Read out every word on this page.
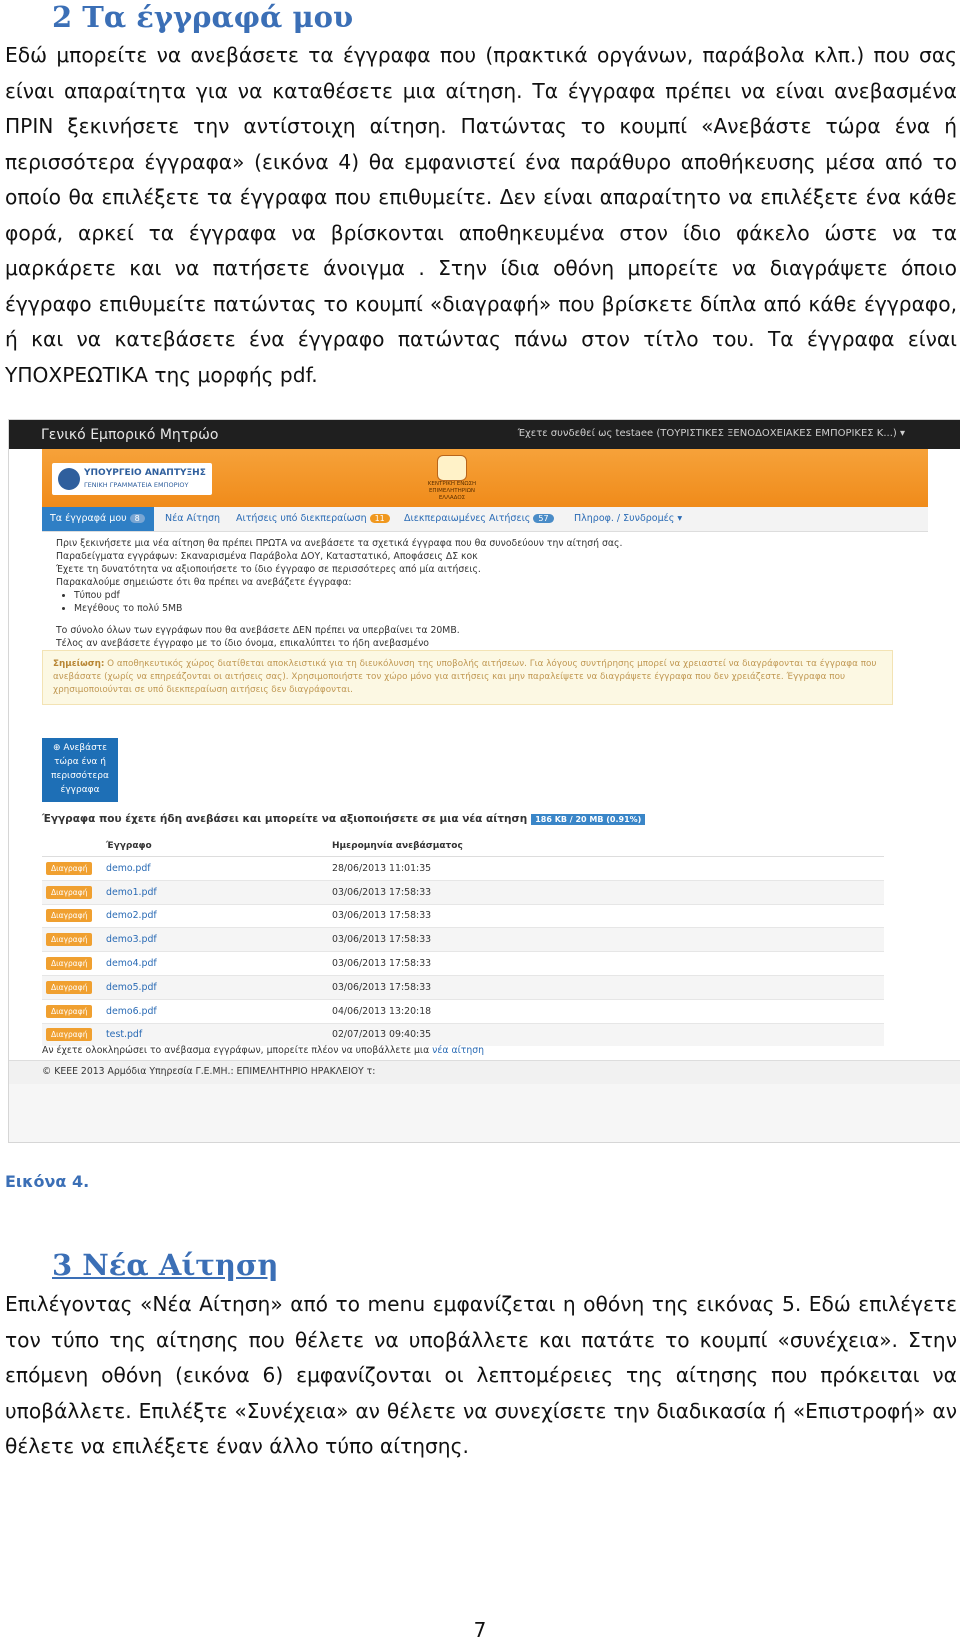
2 Τα έγγραφά μου

Εδώ μπορείτε να ανεβάσετε τα έγγραφα που (πρακτικά οργάνων, παράβολα κλπ.) που σας είναι απαραίτητα για να καταθέσετε μια αίτηση. Τα έγγραφα πρέπει να είναι ανεβασμένα ΠΡΙΝ ξεκινήσετε την αντίστοιχη αίτηση. Πατώντας το κουμπί «Ανεβάστε τώρα ένα ή περισσότερα έγγραφα» (εικόνα 4) θα εμφανιστεί ένα παράθυρο αποθήκευσης μέσα από το οποίο θα επιλέξετε τα έγγραφα που επιθυμείτε. Δεν είναι απαραίτητο να επιλέξετε ένα κάθε φορά, αρκεί τα έγγραφα να βρίσκονται αποθηκευμένα στον ίδιο φάκελο ώστε να τα μαρκάρετε και να πατήσετε άνοιγμα . Στην ίδια οθόνη μπορείτε να διαγράψετε όποιο έγγραφο επιθυμείτε πατώντας το κουμπί «διαγραφή» που βρίσκετε δίπλα από κάθε έγγραφο, ή και να κατεβάσετε ένα έγγραφο πατώντας πάνω στον τίτλο του. Τα έγγραφα είναι ΥΠΟΧΡΕΩΤΙΚΑ της μορφής pdf.

Γενικό Εμπορικό Μητρώο	Έχετε συνδεθεί ως testaee (ΤΟΥΡΙΣΤΙΚΕΣ ΞΕΝΟΔΟΧΕΙΑΚΕΣ ΕΜΠΟΡΙΚΕΣ Κ...) ▾
ΥΠΟΥΡΓΕΙΟ ΑΝΑΠΤΥΞΗΣ
ΓΕΝΙΚΗ ΓΡΑΜΜΑΤΕΙΑ ΕΜΠΟΡΙΟΥ	ΚΕΝΤΡΙΚΗ ΕΝΩΣΗ ΕΠΙΜΕΛΗΤΗΡΙΩΝ ΕΛΛΑΔΟΣ
Τα έγγραφά μου 8	Νέα Αίτηση Αιτήσεις υπό διεκπεραίωση 11	Διεκπεραιωμένες Αιτήσεις 57	Πληροφ. / Συνδρομές ▾

Πριν ξεκινήσετε μια νέα αίτηση θα πρέπει ΠΡΩΤΑ να ανεβάσετε τα σχετικά έγγραφα που θα συνοδεύουν την αίτησή σας.

Παραδείγματα εγγράφων: Σκαναρισμένα Παράβολα ΔΟΥ, Καταστατικό, Αποφάσεις ΔΣ κοκ

Έχετε τη δυνατότητα να αξιοποιήσετε το ίδιο έγγραφο σε περισσότερες από μία αιτήσεις.

Παρακαλούμε σημειώστε ότι θα πρέπει να ανεβάζετε έγγραφα:

• Τύπου pdf
• Μεγέθους το πολύ 5MB

Το σύνολο όλων των εγγράφων που θα ανεβάσετε ΔΕΝ πρέπει να υπερβαίνει τα 20MB.

Τέλος αν ανεβάσετε έγγραφο με το ίδιο όνομα, επικαλύπτει το ήδη ανεβασμένο

Σημείωση: Ο αποθηκευτικός χώρος διατίθεται αποκλειστικά για τη διευκόλυνση της υποβολής αιτήσεων. Για λόγους συντήρησης μπορεί να χρειαστεί να διαγράφονται τα έγγραφα που ανεβάσατε (χωρίς να επηρεάζονται οι αιτήσεις σας). Χρησιμοποιήστε τον χώρο μόνο για αιτήσεις και μην παραλείψετε να διαγράψετε έγγραφα που δεν χρειάζεστε. Έγγραφα που χρησιμοποιούνται σε υπό διεκπεραίωση αιτήσεις δεν διαγράφονται.
⊕ Ανεβάστε τώρα ένα ή περισσότερα έγγραφα
Έγγραφα που έχετε ήδη ανεβάσει και μπορείτε να αξιοποιήσετε σε μια νέα αίτηση 186 KB / 20 MB (0.91%)
	Έγγραφο	Ημερομηνία ανεβάσματος
Διαγραφή	demo.pdf	28/06/2013 11:01:35
Διαγραφή	demo1.pdf	03/06/2013 17:58:33
Διαγραφή	demo2.pdf	03/06/2013 17:58:33
Διαγραφή	demo3.pdf	03/06/2013 17:58:33
Διαγραφή	demo4.pdf	03/06/2013 17:58:33
Διαγραφή	demo5.pdf	03/06/2013 17:58:33
Διαγραφή	demo6.pdf	04/06/2013 13:20:18
Διαγραφή	test.pdf	02/07/2013 09:40:35
Αν έχετε ολοκληρώσει το ανέβασμα εγγράφων, μπορείτε πλέον να υποβάλλετε μια νέα αίτηση
© ΚΕΕΕ 2013 Αρμόδια Υπηρεσία Γ.Ε.ΜΗ.: ΕΠΙΜΕΛΗΤΗΡΙΟ ΗΡΑΚΛΕΙΟΥ τ:
Εικόνα 4.
3 Νέα Αίτηση

Επιλέγοντας «Νέα Αίτηση» από το menu εμφανίζεται η οθόνη της εικόνας 5. Εδώ επιλέγετε τον τύπο της αίτησης που θέλετε να υποβάλλετε και πατάτε το κουμπί «συνέχεια». Στην επόμενη οθόνη (εικόνα 6) εμφανίζονται οι λεπτομέρειες της αίτησης που πρόκειται να υποβάλλετε. Επιλέξτε «Συνέχεια» αν θέλετε να συνεχίσετε την διαδικασία ή «Επιστροφή» αν θέλετε να επιλέξετε έναν άλλο τύπο αίτησης.

7
